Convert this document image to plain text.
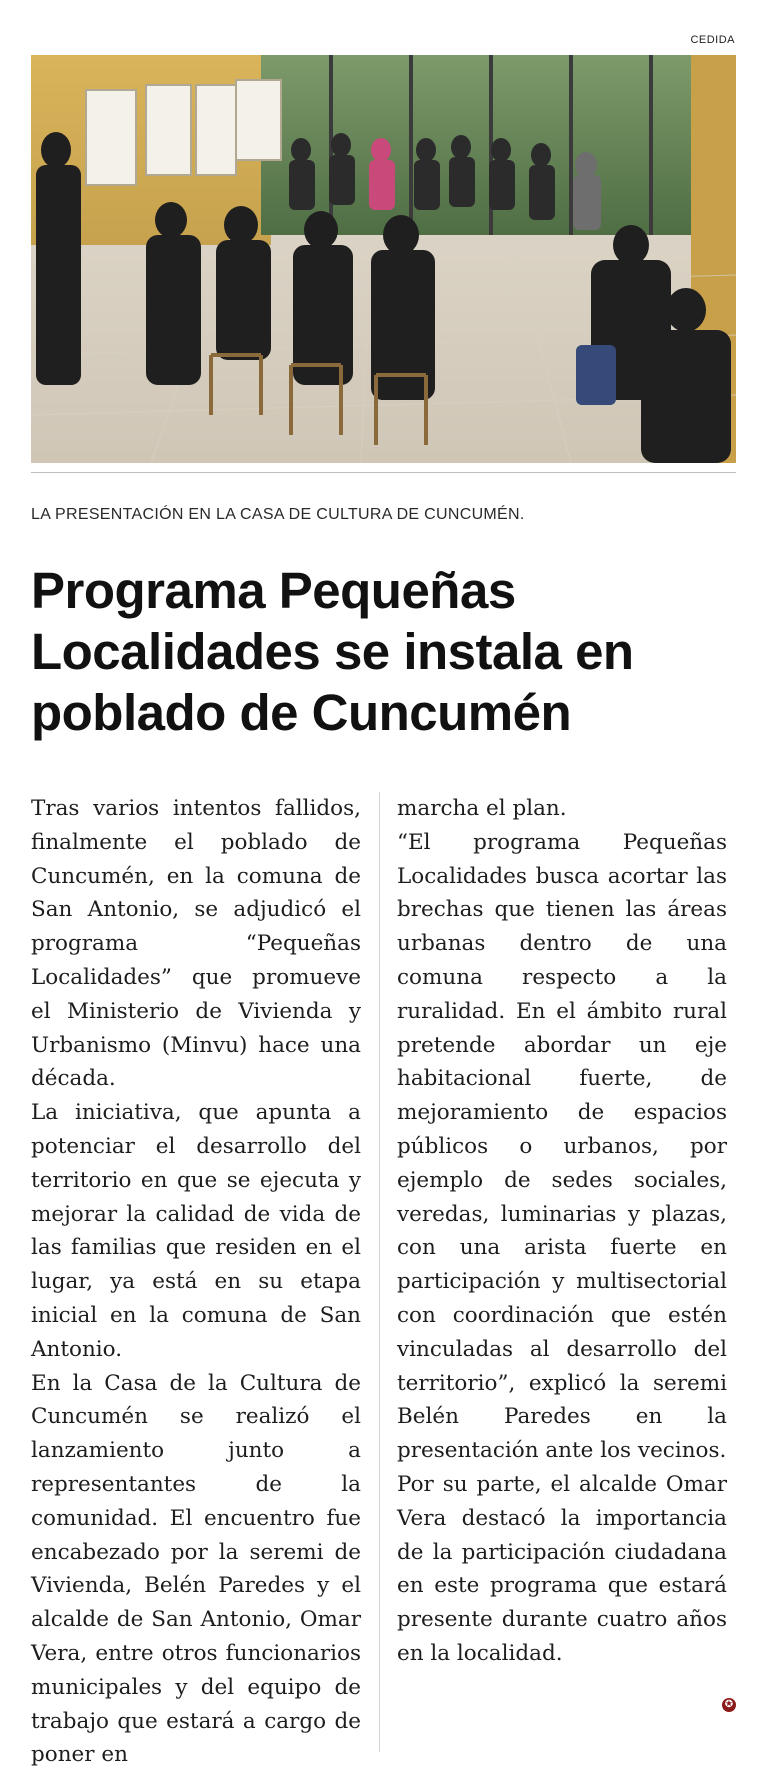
CEDIDA
LA PRESENTACIÓN EN LA CASA DE CULTURA DE CUNCUMÉN.
Programa Pequeñas Localidades se instala en poblado de Cuncumén

Tras varios intentos fallidos, finalmente el poblado de Cuncumén, en la comuna de San Antonio, se adjudicó el programa “Pequeñas Localidades” que promueve el Ministerio de Vivienda y Urbanismo (Minvu) hace una década.

La iniciativa, que apunta a potenciar el desarrollo del territorio en que se ejecuta y mejorar la calidad de vida de las familias que residen en el lugar, ya está en su etapa inicial en la comuna de San Antonio.

En la Casa de la Cultura de Cuncumén se realizó el lanzamiento junto a representantes de la comunidad. El encuentro fue encabezado por la seremi de Vivienda, Belén Paredes y el alcalde de San Antonio, Omar Vera, entre otros funcionarios municipales y del equipo de trabajo que estará a cargo de poner en

marcha el plan.

“El programa Pequeñas Localidades busca acortar las brechas que tienen las áreas urbanas dentro de una comuna respecto a la ruralidad. En el ámbito rural pretende abordar un eje habitacional fuerte, de mejoramiento de espacios públicos o urbanos, por ejemplo de sedes sociales, veredas, luminarias y plazas, con una arista fuerte en participación y multisectorial con coordinación que estén vinculadas al desarrollo del territorio”, explicó la seremi Belén Paredes en la presentación ante los vecinos.

Por su parte, el alcalde Omar Vera destacó la importancia de la participación ciudadana en este programa que estará presente durante cuatro años en la localidad.

✪
